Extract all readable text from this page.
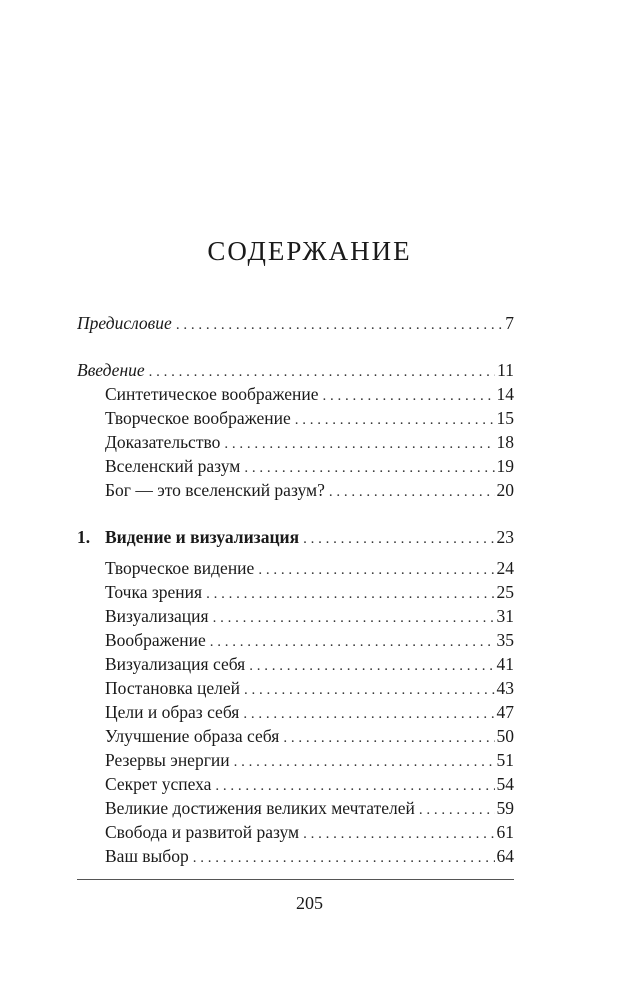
СОДЕРЖАНИЕ
Предисловие . . .	7
Введение . . .	11
Синтетическое воображение . . .	14
Творческое воображение . . .	15
Доказательство . . .	18
Вселенский разум . . .	19
Бог — это вселенский разум? . . .	20
1. Видение и визуализация . . .	23
Творческое видение . . .	24
Точка зрения . . .	25
Визуализация . . .	31
Воображение . . .	35
Визуализация себя . . .	41
Постановка целей . . .	43
Цели и образ себя . . .	47
Улучшение образа себя . . .	50
Резервы энергии . . .	51
Секрет успеха . . .	54
Великие достижения великих мечтателей . . .	59
Свобода и развитой разум . . .	61
Ваш выбор . . .	64
205
